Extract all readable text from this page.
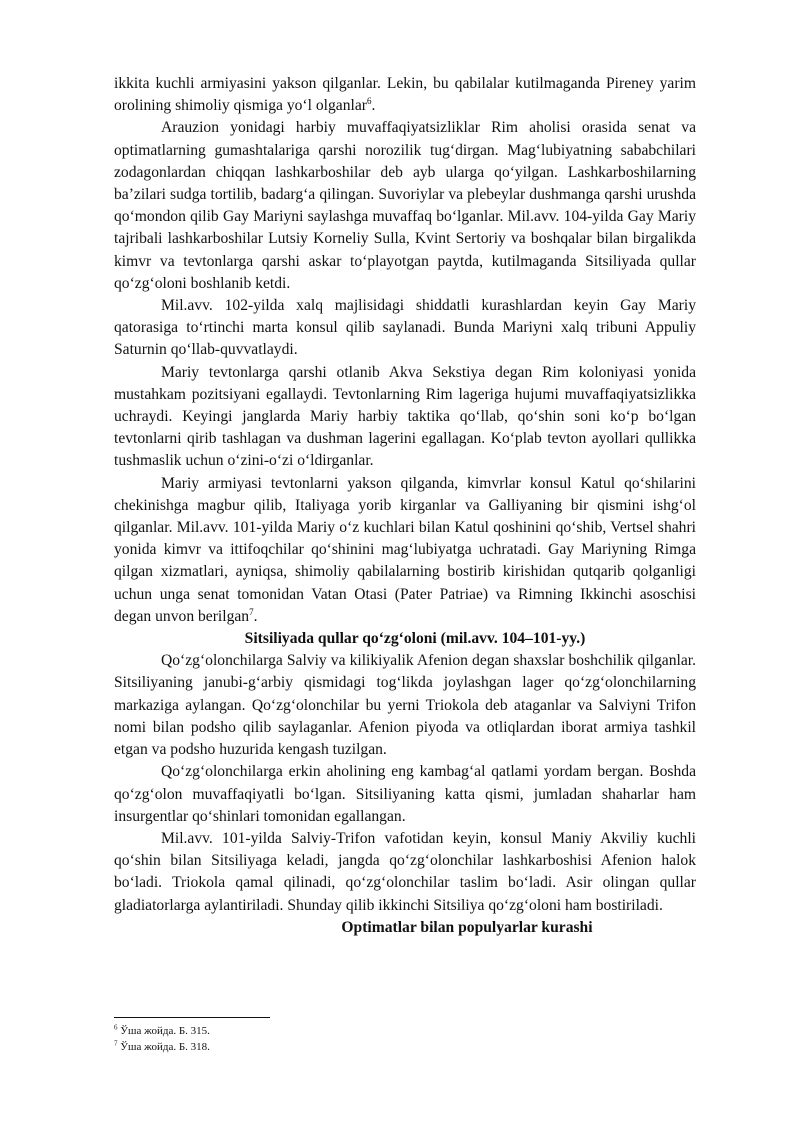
ikkita kuchli armiyasini yakson qilganlar. Lekin, bu qabilalar kutilmaganda Pireney yarim orolining shimoliy qismiga yo‘l olganlar$^6$.

Arauzion yonidagi harbiy muvaffaqiyatsizliklar Rim aholisi orasida senat va optimatlarning gumashtalariga qarshi norozilik tug‘dirgan. Mag‘lubiyatning sababchilari zodagonlardan chiqqan lashkarboshilar deb ayb ularga qo‘yilgan. Lashkarboshilarning ba’zilari sudga tortilib, badarg‘a qilingan. Suvoriylar va plebeylar dushmanga qarshi urushda qo‘mondon qilib Gay Mariyni saylashga muvaffaq bo‘lganlar. Mil.avv. 104-yilda Gay Mariy tajribali lashkarboshilar Lutsiy Korneliy Sulla, Kvint Sertoriy va boshqalar bilan birgalikda kimvr va tevtonlarga qarshi askar to‘playotgan paytda, kutilmaganda Sitsiliyada qullar qo‘zg‘oloni boshlanib ketdi.

Mil.avv. 102-yilda xalq majlisidagi shiddatli kurashlardan keyin Gay Mariy qatorasiga to‘rtinchi marta konsul qilib saylanadi. Bunda Mariyni xalq tribuni Appuliy Saturnin qo‘llab-quvvatlaydi.

Mariy tevtonlarga qarshi otlanib Akva Sekstiya degan Rim koloniyasi yonida mustahkam pozitsiyani egallaydi. Tevtonlarning Rim lageriga hujumi muvaffaqiyatsizlikka uchraydi. Keyingi janglarda Mariy harbiy taktika qo‘llab, qo‘shin soni ko‘p bo‘lgan tevtonlarni qirib tashlagan va dushman lagerini egallagan. Ko‘plab tevton ayollari qullikka tushmaslik uchun o‘zini-o‘zi o‘ldirganlar.

Mariy armiyasi tevtonlarni yakson qilganda, kimvrlar konsul Katul qo‘shilarini chekinishga magbur qilib, Italiyaga yorib kirganlar va Galliyaning bir qismini ishg‘ol qilganlar. Mil.avv. 101-yilda Mariy o‘z kuchlari bilan Katul qoshinini qo‘shib, Vertsel shahri yonida kimvr va ittifoqchilar qo‘shinini mag‘lubiyatga uchratadi. Gay Mariyning Rimga qilgan xizmatlari, ayniqsa, shimoliy qabilalarning bostirib kirishidan qutqarib qolganligi uchun unga senat tomonidan Vatan Otasi (Pater Patriae) va Rimning Ikkinchi asoschisi degan unvon berilgan$^7$.

Sitsiliyada qullar qo‘zg‘oloni (mil.avv. 104–101-yy.)

Qo‘zg‘olonchilarga Salviy va kilikiyalik Afenion degan shaxslar boshchilik qilganlar. Sitsiliyaning janubi-g‘arbiy qismidagi tog‘likda joylashgan lager qo‘zg‘olonchilarning markaziga aylangan. Qo‘zg‘olonchilar bu yerni Triokola deb ataganlar va Salviyni Trifon nomi bilan podsho qilib saylaganlar. Afenion piyoda va otliqlardan iborat armiya tashkil etgan va podsho huzurida kengash tuzilgan.

Qo‘zg‘olonchilarga erkin aholining eng kambag‘al qatlami yordam bergan. Boshda qo‘zg‘olon muvaffaqiyatli bo‘lgan. Sitsiliyaning katta qismi, jumladan shaharlar ham insurgentlar qo‘shinlari tomonidan egallangan.

Mil.avv. 101-yilda Salviy-Trifon vafotidan keyin, konsul Maniy Akviliy kuchli qo‘shin bilan Sitsiliyaga keladi, jangda qo‘zg‘olonchilar lashkarboshisi Afenion halok bo‘ladi. Triokola qamal qilinadi, qo‘zg‘olonchilar taslim bo‘ladi. Asir olingan qullar gladiatorlarga aylantiriladi. Shunday qilib ikkinchi Sitsiliya qo‘zg‘oloni ham bostiriladi.

Optimatlar bilan populyarlar kurashi
$^6$ Ўша жойда. Б. 315.
$^7$ Ўша жойда. Б. 318.
